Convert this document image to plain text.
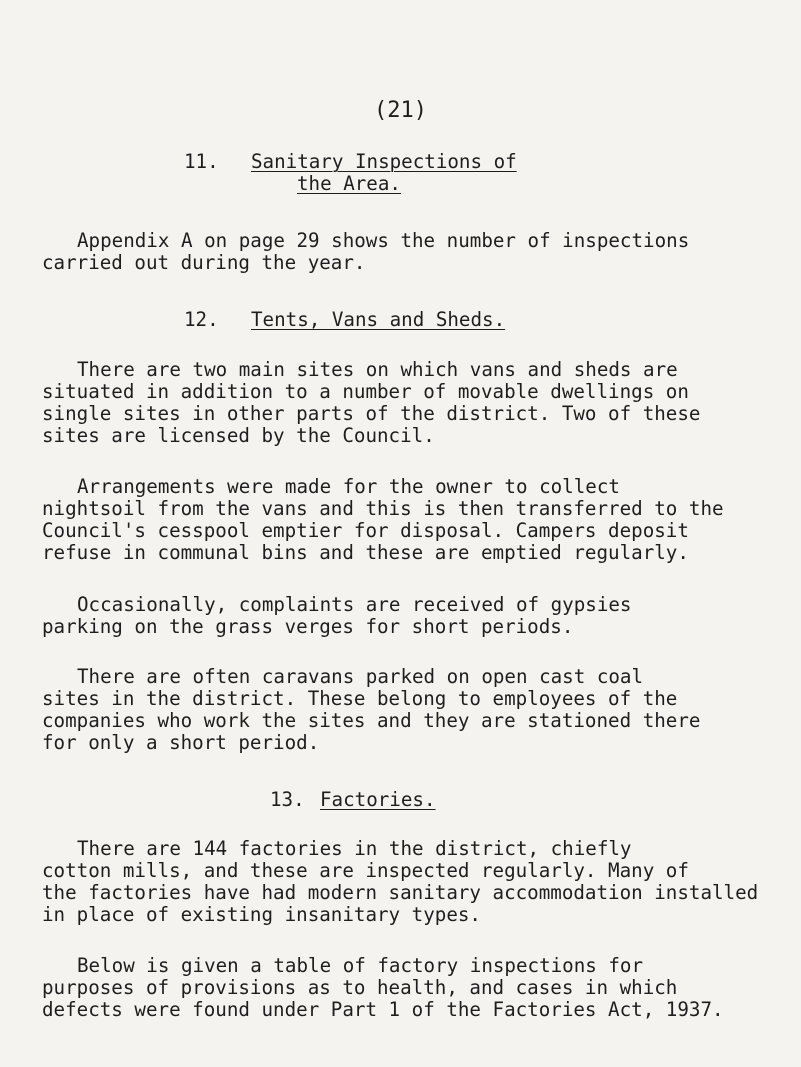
(21)
11. Sanitary Inspections of
the Area.
Appendix A on page 29 shows the number of inspections
carried out during the year.
12. Tents, Vans and Sheds.
There are two main sites on which vans and sheds are
situated in addition to a number of movable dwellings on
single sites in other parts of the district. Two of these
sites are licensed by the Council.
Arrangements were made for the owner to collect
nightsoil from the vans and this is then transferred to the
Council's cesspool emptier for disposal. Campers deposit
refuse in communal bins and these are emptied regularly.
Occasionally, complaints are received of gypsies
parking on the grass verges for short periods.
There are often caravans parked on open cast coal
sites in the district. These belong to employees of the
companies who work the sites and they are stationed there
for only a short period.
13. Factories.
There are 144 factories in the district, chiefly
cotton mills, and these are inspected regularly. Many of
the factories have had modern sanitary accommodation installed
in place of existing insanitary types.
Below is given a table of factory inspections for
purposes of provisions as to health, and cases in which
defects were found under Part 1 of the Factories Act, 1937.
